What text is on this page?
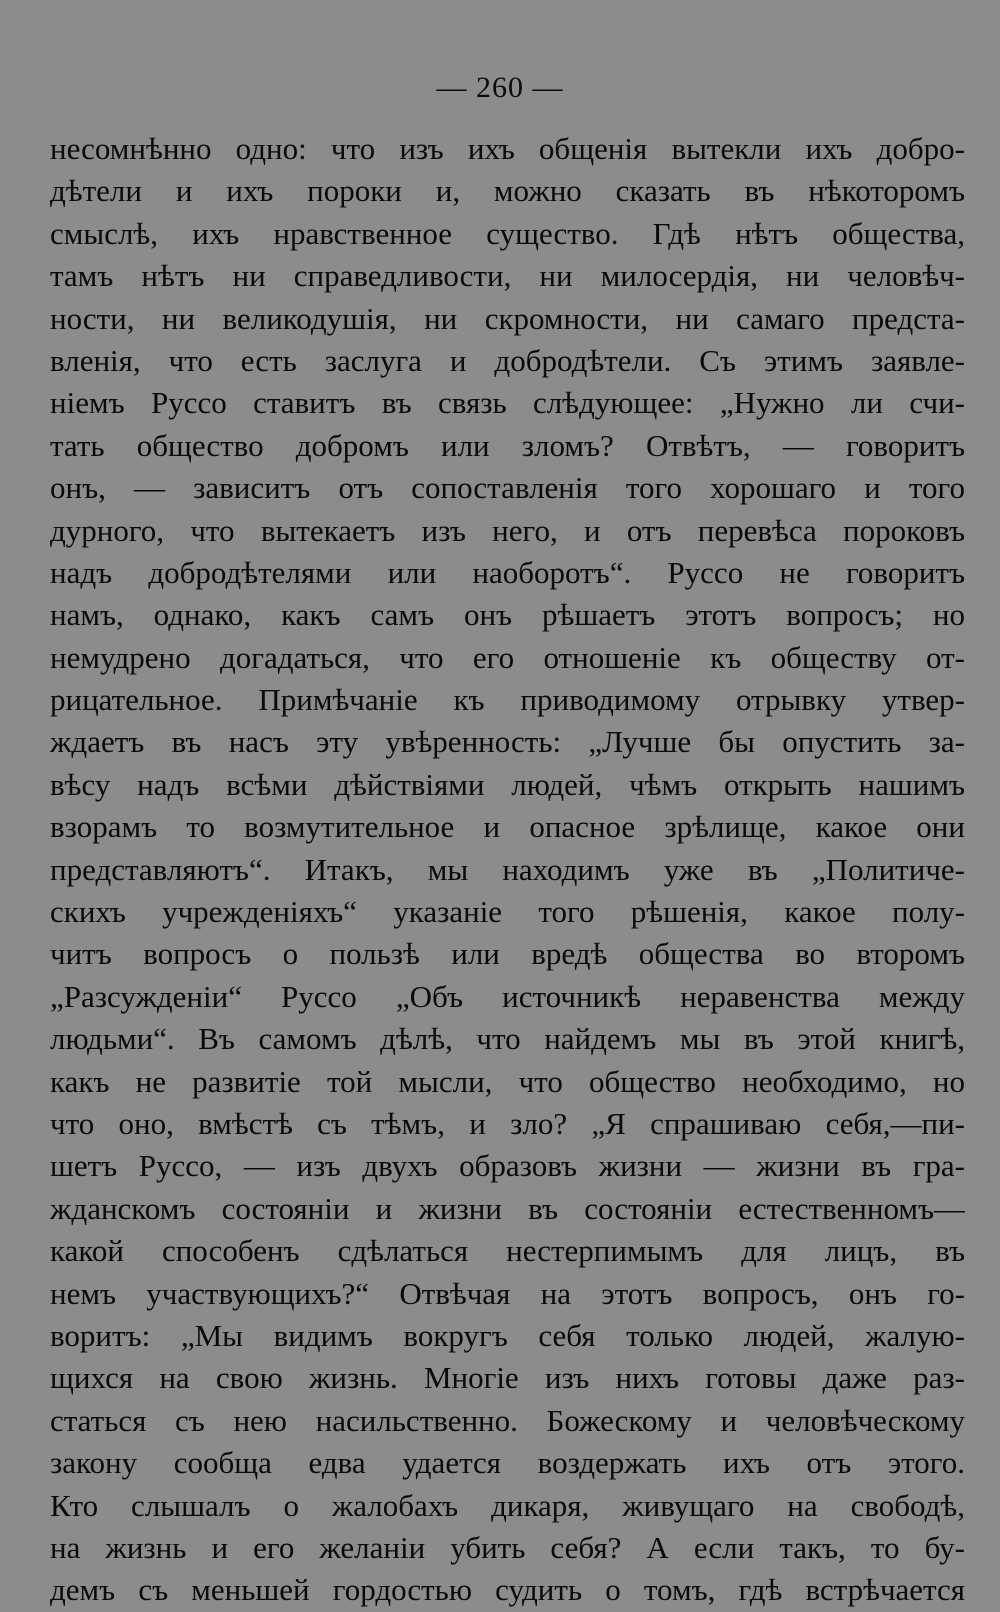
— 260 —
несомнѣнно одно: что изъ ихъ общенія вытекли ихъ добро-
дѣтели и ихъ пороки и, можно сказать въ нѣкоторомъ
смыслѣ, ихъ нравственное существо. Гдѣ нѣтъ общества,
тамъ нѣтъ ни справедливости, ни милосердія, ни человѣч-
ности, ни великодушія, ни скромности, ни самаго предста-
вленія, что есть заслуга и добродѣтели. Съ этимъ заявле-
ніемъ Руссо ставитъ въ связь слѣдующее: „Нужно ли счи-
тать общество добромъ или зломъ? Отвѣтъ, — говоритъ
онъ, — зависитъ отъ сопоставленія того хорошаго и того
дурного, что вытекаетъ изъ него, и отъ перевѣса пороковъ
надъ добродѣтелями или наоборотъ“. Руссо не говоритъ
намъ, однако, какъ самъ онъ рѣшаетъ этотъ вопросъ; но
немудрено догадаться, что его отношеніе къ обществу от-
рицательное. Примѣчаніе къ приводимому отрывку утвер-
ждаетъ въ насъ эту увѣренность: „Лучше бы опустить за-
вѣсу надъ всѣми дѣйствіями людей, чѣмъ открыть нашимъ
взорамъ то возмутительное и опасное зрѣлище, какое они
представляютъ“. Итакъ, мы находимъ уже въ „Политиче-
скихъ учрежденіяхъ“ указаніе того рѣшенія, какое полу-
читъ вопросъ о пользѣ или вредѣ общества во второмъ
„Разсужденіи“ Руссо „Объ источникѣ неравенства между
людьми“. Въ самомъ дѣлѣ, что найдемъ мы въ этой книгѣ,
какъ не развитіе той мысли, что общество необходимо, но
что оно, вмѣстѣ съ тѣмъ, и зло? „Я спрашиваю себя,—пи-
шетъ Руссо, — изъ двухъ образовъ жизни — жизни въ гра-
жданскомъ состояніи и жизни въ состояніи естественномъ—
какой способенъ сдѣлаться нестерпимымъ для лицъ, въ
немъ участвующихъ?“ Отвѣчая на этотъ вопросъ, онъ го-
воритъ: „Мы видимъ вокругъ себя только людей, жалую-
щихся на свою жизнь. Многіе изъ нихъ готовы даже раз-
статься съ нею насильственно. Божескому и человѣческому
закону сообща едва удается воздержать ихъ отъ этого.
Кто слышалъ о жалобахъ дикаря, живущаго на свободѣ,
на жизнь и его желаніи убить себя? А если такъ, то бу-
демъ съ меньшей гордостью судить о томъ, гдѣ встрѣчается
